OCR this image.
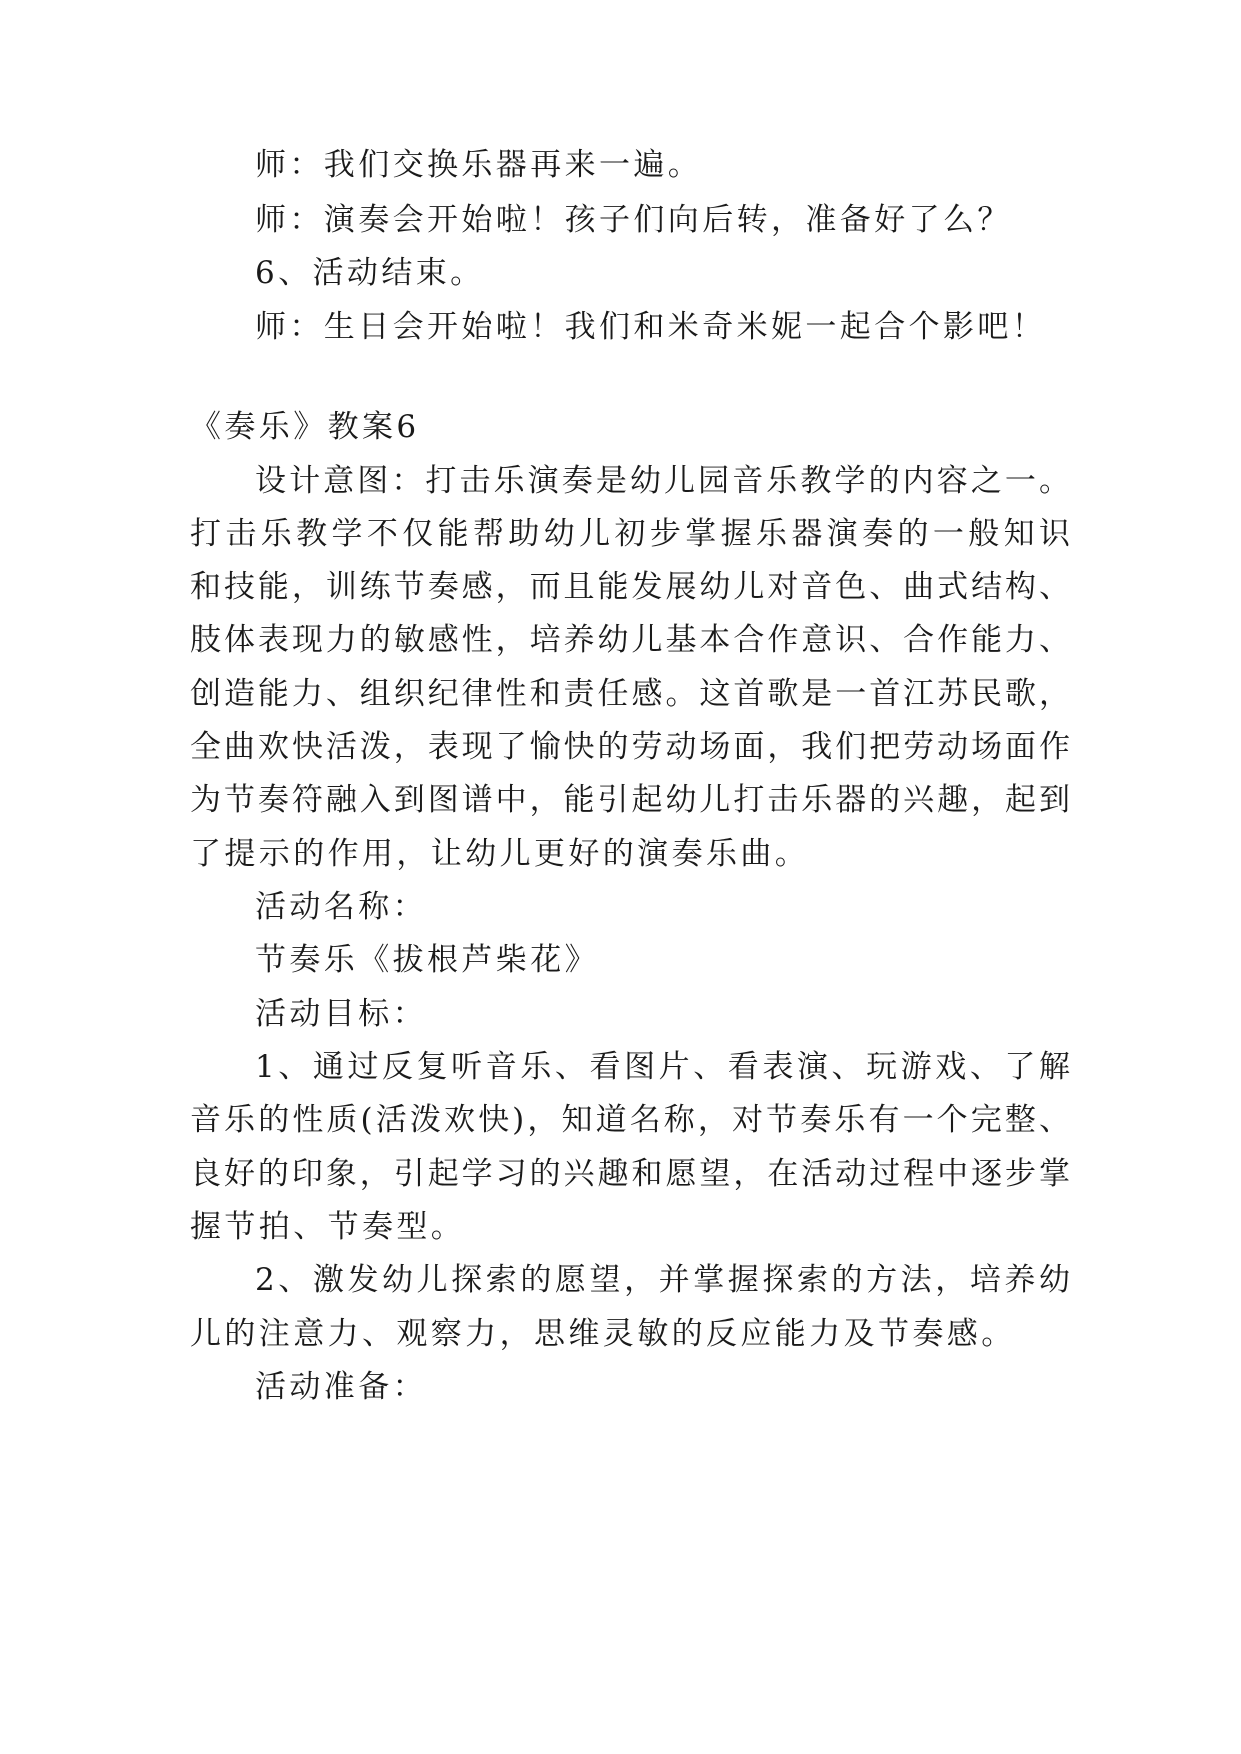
师：我们交换乐器再来一遍。
师：演奏会开始啦！孩子们向后转，准备好了么？
6、活动结束。
师：生日会开始啦！我们和米奇米妮一起合个影吧！
《奏乐》教案6
设计意图：打击乐演奏是幼儿园音乐教学的内容之一。
打击乐教学不仅能帮助幼儿初步掌握乐器演奏的一般知识
和技能，训练节奏感，而且能发展幼儿对音色、曲式结构、
肢体表现力的敏感性，培养幼儿基本合作意识、合作能力、
创造能力、组织纪律性和责任感。这首歌是一首江苏民歌，
全曲欢快活泼，表现了愉快的劳动场面，我们把劳动场面作
为节奏符融入到图谱中，能引起幼儿打击乐器的兴趣，起到
了提示的作用，让幼儿更好的演奏乐曲。
活动名称：
节奏乐《拔根芦柴花》
活动目标：
1、通过反复听音乐、看图片、看表演、玩游戏、了解
音乐的性质(活泼欢快)，知道名称，对节奏乐有一个完整、
良好的印象，引起学习的兴趣和愿望，在活动过程中逐步掌
握节拍、节奏型。
2、激发幼儿探索的愿望，并掌握探索的方法，培养幼
儿的注意力、观察力，思维灵敏的反应能力及节奏感。
活动准备：
